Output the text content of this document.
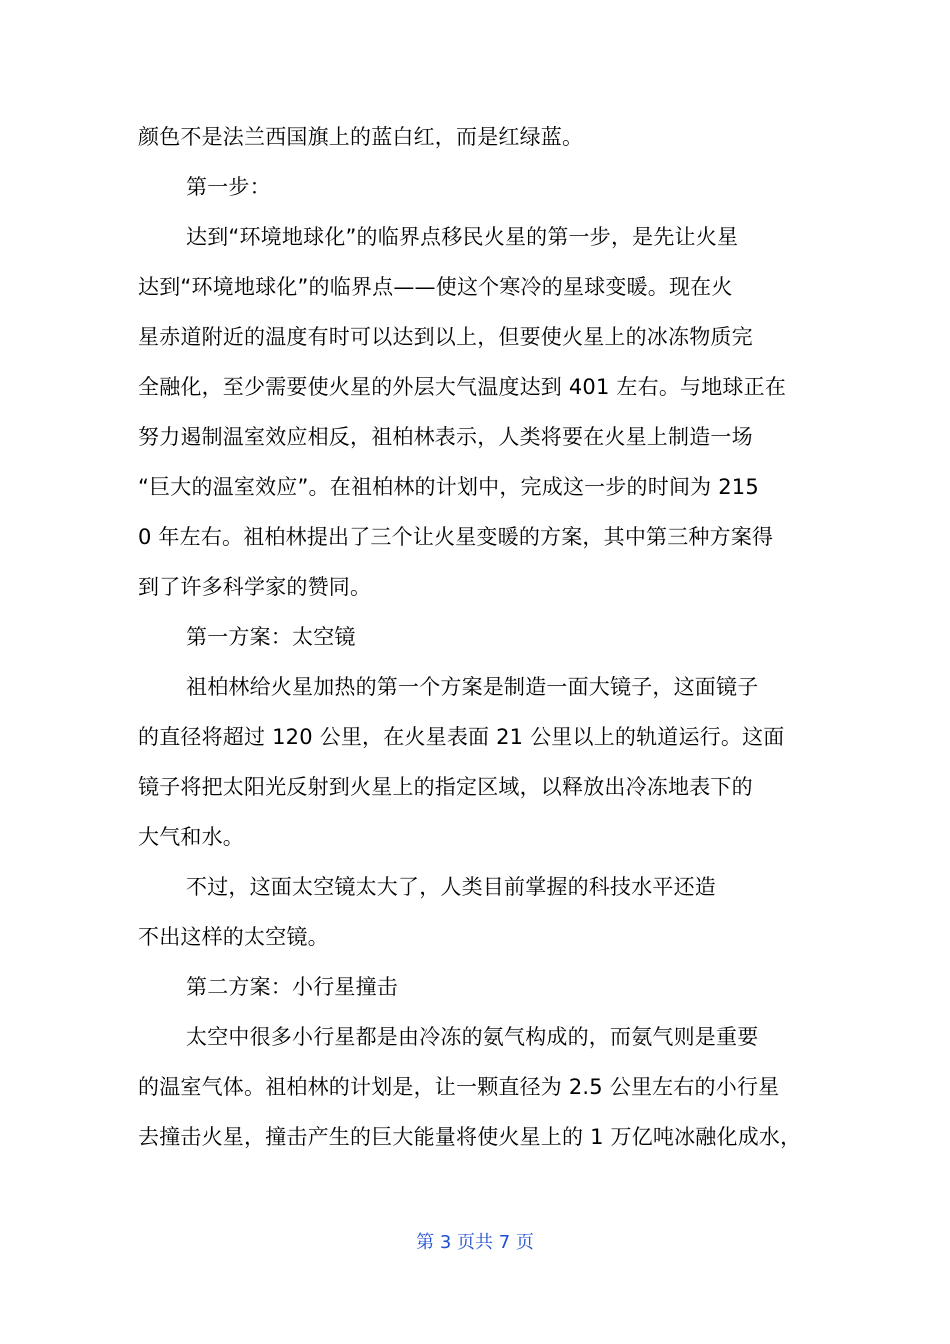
颜色不是法兰西国旗上的蓝白红，而是红绿蓝。
第一步：
达到“环境地球化”的临界点移民火星的第一步，是先让火星
达到“环境地球化”的临界点——使这个寒冷的星球变暖。现在火
星赤道附近的温度有时可以达到以上，但要使火星上的冰冻物质完
全融化，至少需要使火星的外层大气温度达到 401 左右。与地球正在
努力遏制温室效应相反，祖柏林表示，人类将要在火星上制造一场
“巨大的温室效应”。在祖柏林的计划中，完成这一步的时间为 215
0 年左右。祖柏林提出了三个让火星变暖的方案，其中第三种方案得
到了许多科学家的赞同。
第一方案：太空镜
祖柏林给火星加热的第一个方案是制造一面大镜子，这面镜子
的直径将超过 120 公里，在火星表面 21 公里以上的轨道运行。这面
镜子将把太阳光反射到火星上的指定区域，以释放出冷冻地表下的
大气和水。
不过，这面太空镜太大了，人类目前掌握的科技水平还造
不出这样的太空镜。
第二方案：小行星撞击
太空中很多小行星都是由冷冻的氨气构成的，而氨气则是重要
的温室气体。祖柏林的计划是，让一颗直径为 2.5 公里左右的小行星
去撞击火星，撞击产生的巨大能量将使火星上的 1 万亿吨冰融化成水，
第 3 页共 7 页
